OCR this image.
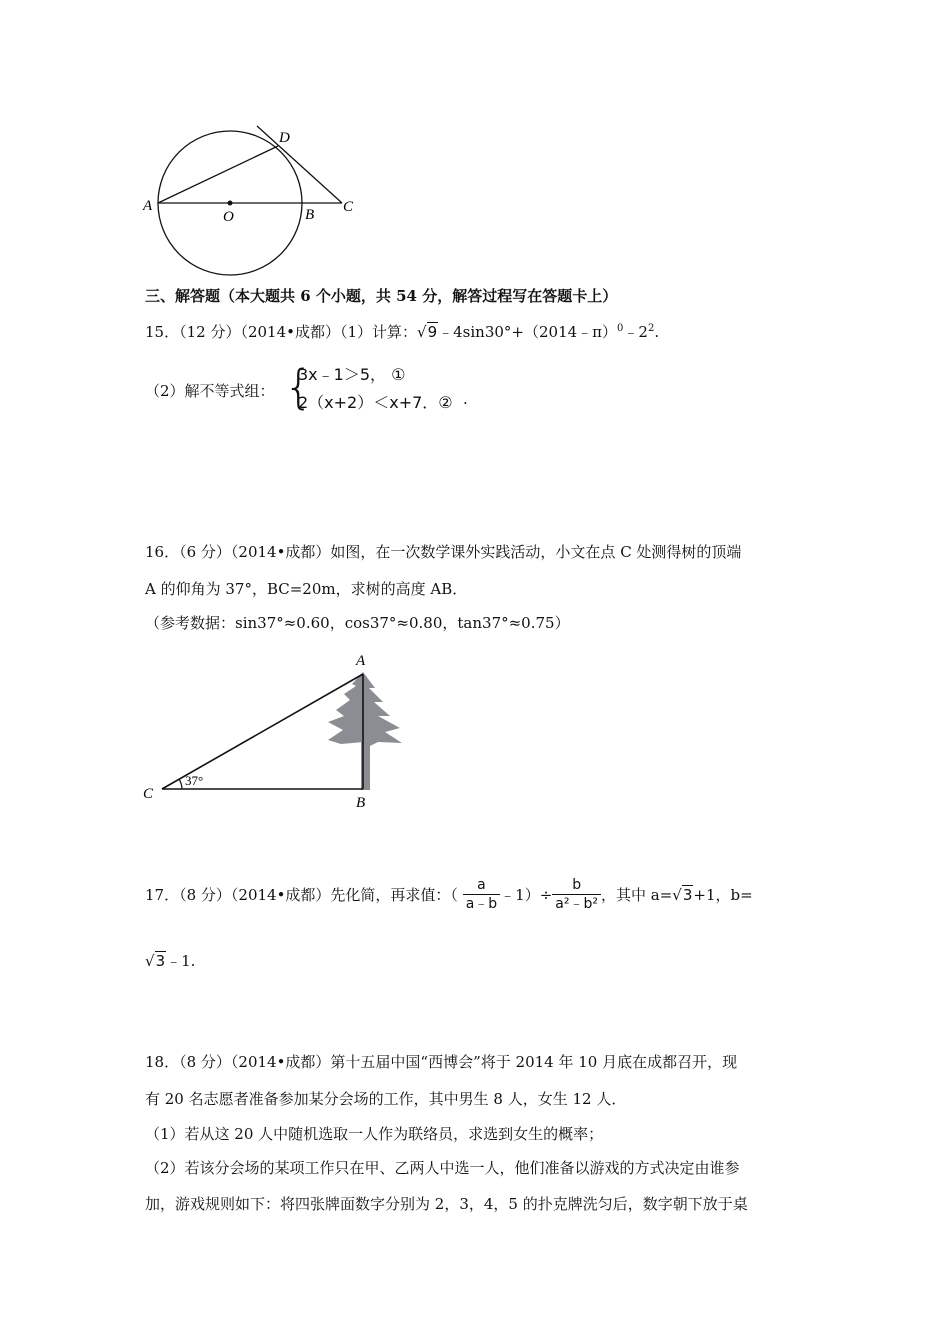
A
O	B C
D
三、解答题（本大题共 6 个小题，共 54 分，解答过程写在答题卡上）
15．（12 分）（2014•成都）（1）计算：$√9﹣4\sin 30^\circ+(2014﹣\pi)^0﹣2^2$.
（2）解不等式组： {
3x﹣1＞5， ①
2（x+2）＜x+7．② .
16．（6 分）（2014•成都）如图，在一次数学课外实践活动，小文在点 C 处测得树的顶端
A 的仰角为 37°，BC=20m，求树的高度 AB．
（参考数据：sin37°≈0.60，cos37°≈0.80，tan37°≈0.75）
37°
A
B
C
17．（8 分）（2014•成都）先化简，再求值：（ $\frac{a}{a﹣b}$ ﹣1）÷ $\frac{b}{\text{a²﹣b²}}$ ，其中 a=√3+1，b=
√3﹣1.
18．（8 分）（2014•成都）第十五届中国“西博会”将于 2014 年 10 月底在成都召开，现
有 20 名志愿者准备参加某分会场的工作，其中男生 8 人，女生 12 人．
（1）若从这 20 人中随机选取一人作为联络员，求选到女生的概率；
（2）若该分会场的某项工作只在甲、乙两人中选一人，他们准备以游戏的方式决定由谁参
加，游戏规则如下：将四张牌面数字分别为 2，3，4，5 的扑克牌洗匀后，数字朝下放于桌
